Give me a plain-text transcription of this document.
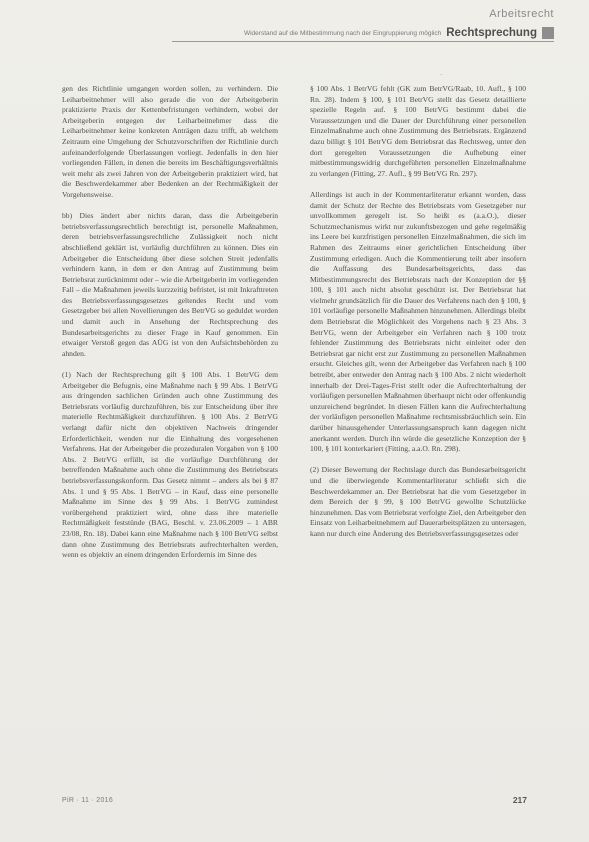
Arbeitsrecht
Widerstand auf die Mitbestimmung nach der Eingruppierung möglich Rechtsprechung
·

gen des Richtlinie umgangen worden sollen, zu verhindern. Die Leiharbeitnehmer will also gerade die von der Arbeitgeberin praktizierte Praxis der Kettenbefristungen verhindern, wobei der Arbeitgeberin entgegen der Leiharbeitnehmer dass die Leiharbeitnehmer keine konkreten Anträgen dazu trifft, ab welchem Zeitraum eine Umgehung der Schutzvorschriften der Richtlinie durch aufeinanderfolgende Überlassungen vorliegt. Jedenfalls in den hier vorliegenden Fällen, in denen die bereits im Beschäftigungsverhältnis weit mehr als zwei Jahren von der Arbeitgeberin praktiziert wird, hat die Beschwerdekammer aber Bedenken an der Rechtmäßigkeit der Vorgehensweise.

bb) Dies ändert aber nichts daran, dass die Arbeitgeberin betriebsverfassungsrechtlich berechtigt ist, personelle Maßnahmen, deren betriebsverfassungsrechtliche Zulässigkeit noch nicht abschließend geklärt ist, vorläufig durchführen zu können. Dies ein Arbeitgeber die Entscheidung über diese solchen Streit jedenfalls verhindern kann, in dem er den Antrag auf Zustimmung beim Betriebsrat zurücknimmt oder – wie die Arbeitgeberin im vorliegenden Fall – die Maßnahmen jeweils kurzzeitig befristet, ist mit Inkrafttreten des Betriebsverfassungsgesetzes geltendes Recht und vom Gesetzgeber bei allen Novellierungen des BetrVG so geduldet worden und damit auch in Ansehung der Rechtsprechung des Bundesarbeitsgerichts zu dieser Frage in Kauf genommen. Ein etwaiger Verstoß gegen das AÜG ist von den Aufsichtsbehörden zu ahnden.

(1) Nach der Rechtsprechung gilt § 100 Abs. 1 BetrVG dem Arbeitgeber die Befugnis, eine Maßnahme nach § 99 Abs. 1 BetrVG aus dringenden sachlichen Gründen auch ohne Zustimmung des Betriebsrats vorläufig durchzuführen, bis zur Entscheidung über ihre materielle Rechtmäßigkeit durchzuführen. § 100 Abs. 2 BetrVG verlangt dafür nicht den objektiven Nachweis dringender Erforderlichkeit, wenden nur die Einhaltung des vorgesehenen Verfahrens. Hat der Arbeitgeber die prozeduralen Vorgaben von § 100 Abs. 2 BetrVG erfüllt, ist die vorläufige Durchführung der betreffenden Maßnahme auch ohne die Zustimmung des Betriebsrats betriebsverfassungskonform. Das Gesetz nimmt – anders als bei § 87 Abs. 1 und § 95 Abs. 1 BetrVG – in Kauf, dass eine personelle Maßnahme im Sinne des § 99 Abs. 1 BetrVG zumindest vorübergehend praktiziert wird, ohne dass ihre materielle Rechtmäßigkeit feststünde (BAG, Beschl. v. 23.06.2009 – 1 ABR 23/08, Rn. 18). Dabei kann eine Maßnahme nach § 100 BetrVG selbst dann ohne Zustimmung des Betriebsrats aufrechterhalten werden, wenn es objektiv an einem dringenden Erfordernis im Sinne des

§ 100 Abs. 1 BetrVG fehlt (GK zum BetrVG/Raab, 10. Aufl., § 100 Rn. 28). Indem § 100, § 101 BetrVG stellt das Gesetz detaillierte spezielle Regeln auf. § 100 BetrVG bestimmt dabei die Voraussetzungen und die Dauer der Durchführung einer personellen Einzelmaßnahme auch ohne Zustimmung des Betriebsrats. Ergänzend dazu billigt § 101 BetrVG dem Betriebsrat das Rechtsweg, unter den dort geregelten Voraussetzungen die Aufhebung einer mitbestimmungswidrig durchgeführten personellen Einzelmaßnahme zu verlangen (Fitting, 27. Aufl., § 99 BetrVG Rn. 297).

Allerdings ist auch in der Kommentarliteratur erkannt worden, dass damit der Schutz der Rechte des Betriebsrats vom Gesetzgeber nur unvollkommen geregelt ist. So heißt es (a.a.O.), dieser Schutzmechanismus wirkt nur zukunftsbezogen und gehe regelmäßig ins Leere bei kurzfristigen personellen Einzelmaßnahmen, die sich im Rahmen des Zeitraums einer gerichtlichen Entscheidung über Zustimmung erledigen. Auch die Kommentierung teilt aber insofern die Auffassung des Bundesarbeitsgerichts, dass das Mitbestimmungsrecht des Betriebsrats nach der Konzeption der §§ 100, § 101 auch nicht absolut geschützt ist. Der Betriebsrat hat vielmehr grundsätzlich für die Dauer des Verfahrens nach den § 100, § 101 vorläufige personelle Maßnahmen hinzunehmen. Allerdings bleibt dem Betriebsrat die Möglichkeit des Vorgehens nach § 23 Abs. 3 BetrVG, wenn der Arbeitgeber ein Verfahren nach § 100 trotz fehlender Zustimmung des Betriebsrats nicht einleitet oder den Betriebsrat gar nicht erst zur Zustimmung zu personellen Maßnahmen ersucht. Gleiches gilt, wenn der Arbeitgeber das Verfahren nach § 100 betreibt, aber entweder den Antrag nach § 100 Abs. 2 nicht wiederholt innerhalb der Drei-Tages-Frist stellt oder die Aufrechterhaltung der vorläufigen personellen Maßnahmen überhaupt nicht oder offenkundig unzureichend begründet. In diesen Fällen kann die Aufrechterhaltung der vorläufigen personellen Maßnahme rechtsmissbräuchlich sein. Ein darüber hinausgehender Unterlassungsanspruch kann dagegen nicht anerkannt werden. Durch ihn würde die gesetzliche Konzeption der § 100, § 101 konterkariert (Fitting, a.a.O. Rn. 298).

(2) Dieser Bewertung der Rechtslage durch das Bundesarbeitsgericht und die überwiegende Kommentarliteratur schließt sich die Beschwerdekammer an. Der Betriebsrat hat die vom Gesetzgeber in dem Bereich der § 99, § 100 BetrVG gewollte Schutzlücke hinzunehmen. Das vom Betriebsrat verfolgte Ziel, den Arbeitgeber den Einsatz von Leiharbeitnehmern auf Dauerarbeitsplätzen zu untersagen, kann nur durch eine Änderung des Betriebsverfassungsgesetzes oder

PiR · 11 · 2016	217
